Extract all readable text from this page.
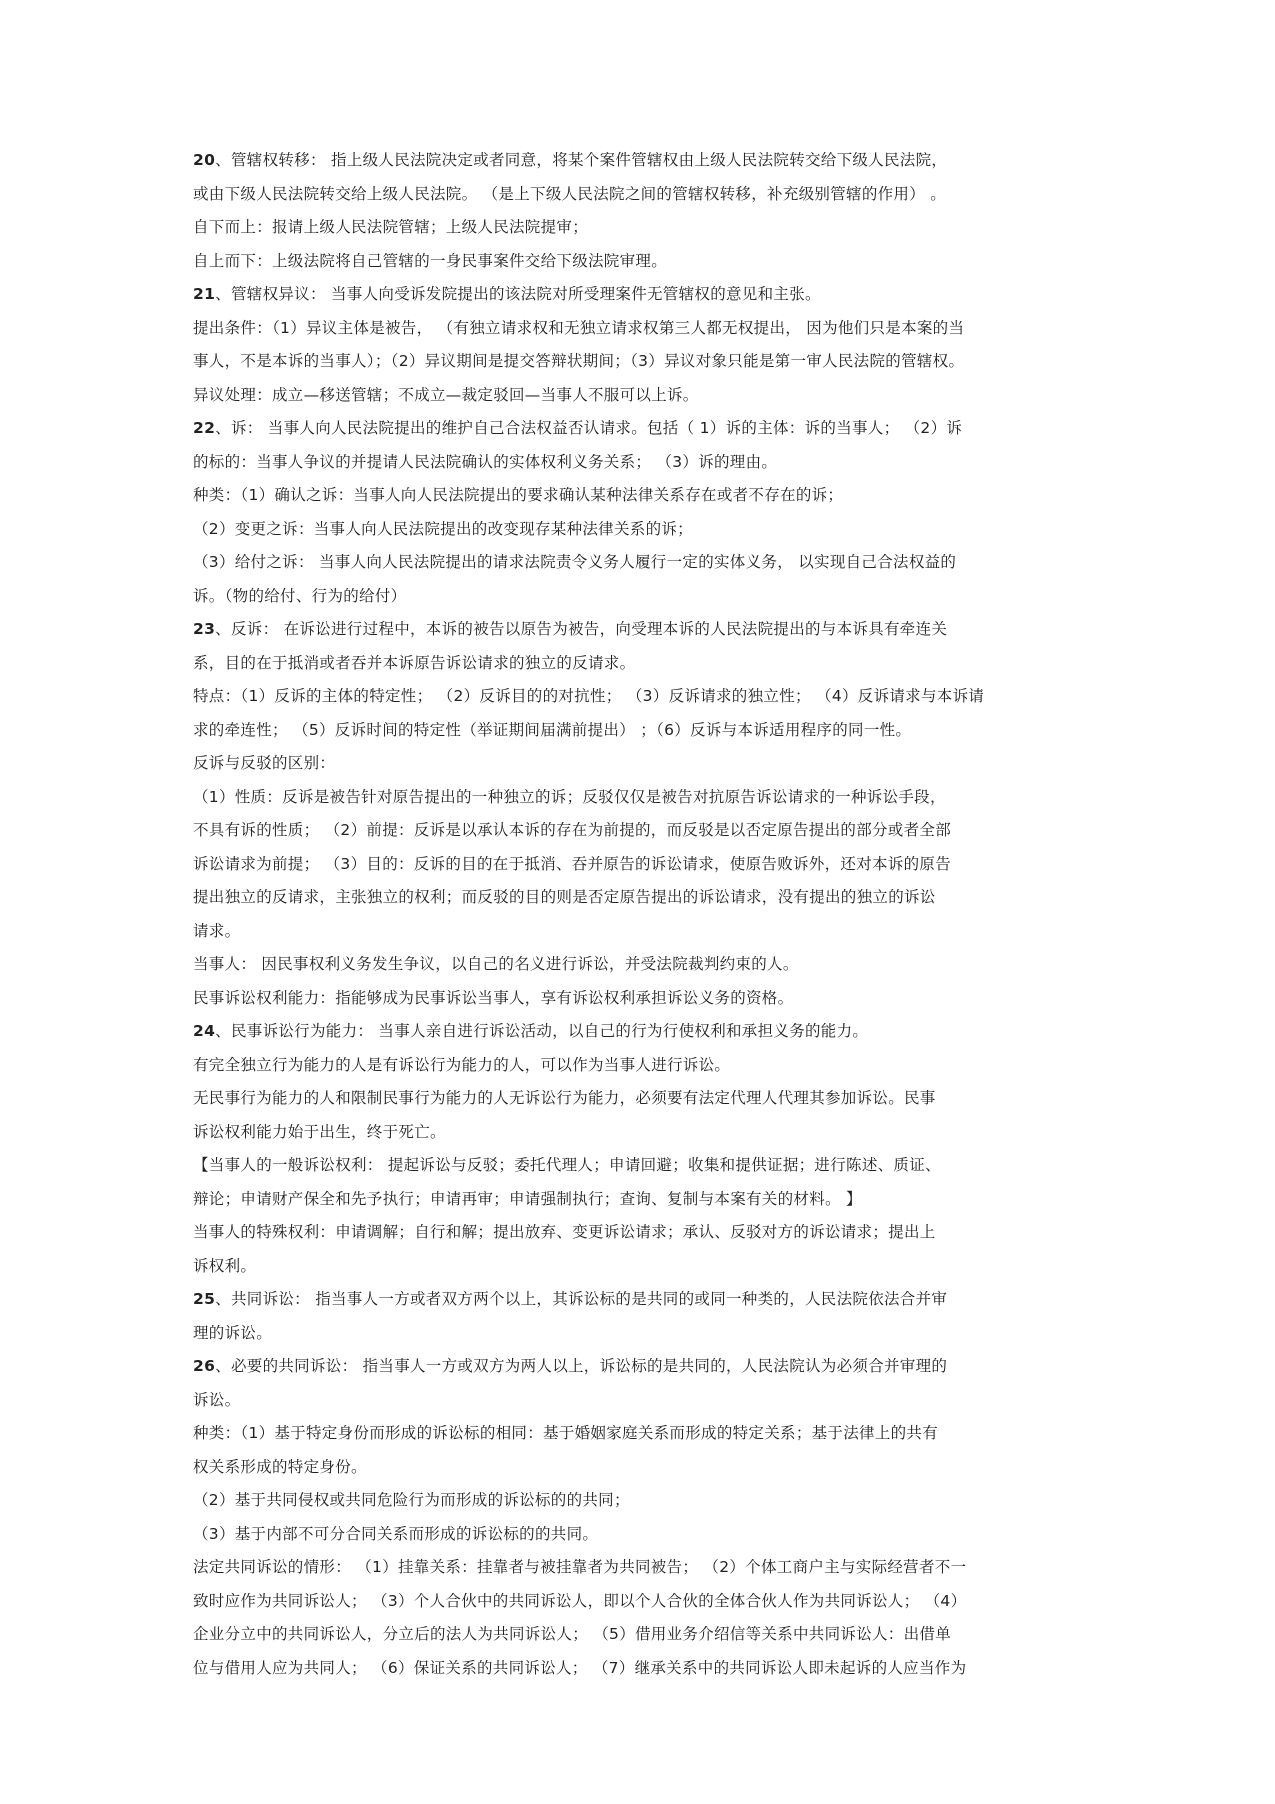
20、管辖权转移： 指上级人民法院决定或者同意，将某个案件管辖权由上级人民法院转交给下级人民法院，
或由下级人民法院转交给上级人民法院。 （是上下级人民法院之间的管辖权转移，补充级别管辖的作用） 。
自下而上：报请上级人民法院管辖；上级人民法院提审；
自上而下：上级法院将自己管辖的一身民事案件交给下级法院审理。
21、管辖权异议： 当事人向受诉发院提出的该法院对所受理案件无管辖权的意见和主张。
提出条件：（1）异议主体是被告， （有独立请求权和无独立请求权第三人都无权提出， 因为他们只是本案的当
事人，不是本诉的当事人）；（2）异议期间是提交答辩状期间；（3）异议对象只能是第一审人民法院的管辖权。
异议处理：成立—移送管辖；不成立—裁定驳回—当事人不服可以上诉。
22、诉： 当事人向人民法院提出的维护自己合法权益否认请求。包括（ 1）诉的主体：诉的当事人； （2）诉
的标的：当事人争议的并提请人民法院确认的实体权利义务关系； （3）诉的理由。
种类：（1）确认之诉：当事人向人民法院提出的要求确认某种法律关系存在或者不存在的诉；
（2）变更之诉：当事人向人民法院提出的改变现存某种法律关系的诉；
（3）给付之诉： 当事人向人民法院提出的请求法院责令义务人履行一定的实体义务， 以实现自己合法权益的
诉。（物的给付、行为的给付）
23、反诉： 在诉讼进行过程中，本诉的被告以原告为被告，向受理本诉的人民法院提出的与本诉具有牵连关
系，目的在于抵消或者吞并本诉原告诉讼请求的独立的反请求。
特点：（1）反诉的主体的特定性； （2）反诉目的的对抗性； （3）反诉请求的独立性； （4）反诉请求与本诉请
求的牵连性； （5）反诉时间的特定性（举证期间届满前提出） ；（6）反诉与本诉适用程序的同一性。
反诉与反驳的区别：
（1）性质：反诉是被告针对原告提出的一种独立的诉；反驳仅仅是被告对抗原告诉讼请求的一种诉讼手段，
不具有诉的性质； （2）前提：反诉是以承认本诉的存在为前提的，而反驳是以否定原告提出的部分或者全部
诉讼请求为前提； （3）目的：反诉的目的在于抵消、吞并原告的诉讼请求，使原告败诉外，还对本诉的原告
提出独立的反请求，主张独立的权利；而反驳的目的则是否定原告提出的诉讼请求，没有提出的独立的诉讼
请求。
当事人： 因民事权利义务发生争议，以自己的名义进行诉讼，并受法院裁判约束的人。
民事诉讼权利能力：指能够成为民事诉讼当事人，享有诉讼权利承担诉讼义务的资格。
24、民事诉讼行为能力： 当事人亲自进行诉讼活动，以自己的行为行使权利和承担义务的能力。
有完全独立行为能力的人是有诉讼行为能力的人，可以作为当事人进行诉讼。
无民事行为能力的人和限制民事行为能力的人无诉讼行为能力，必须要有法定代理人代理其参加诉讼。民事
诉讼权利能力始于出生，终于死亡。
【当事人的一般诉讼权利： 提起诉讼与反驳；委托代理人；申请回避；收集和提供证据；进行陈述、质证、
辩论；申请财产保全和先予执行；申请再审；申请强制执行；查询、复制与本案有关的材料。 】
当事人的特殊权利：申请调解；自行和解；提出放弃、变更诉讼请求；承认、反驳对方的诉讼请求；提出上
诉权利。
25、共同诉讼： 指当事人一方或者双方两个以上，其诉讼标的是共同的或同一种类的，人民法院依法合并审
理的诉讼。
26、必要的共同诉讼： 指当事人一方或双方为两人以上，诉讼标的是共同的，人民法院认为必须合并审理的
诉讼。
种类：（1）基于特定身份而形成的诉讼标的相同：基于婚姻家庭关系而形成的特定关系；基于法律上的共有
权关系形成的特定身份。
（2）基于共同侵权或共同危险行为而形成的诉讼标的的共同；
（3）基于内部不可分合同关系而形成的诉讼标的的共同。
法定共同诉讼的情形： （1）挂靠关系：挂靠者与被挂靠者为共同被告； （2）个体工商户主与实际经营者不一
致时应作为共同诉讼人； （3）个人合伙中的共同诉讼人，即以个人合伙的全体合伙人作为共同诉讼人； （4）
企业分立中的共同诉讼人，分立后的法人为共同诉讼人； （5）借用业务介绍信等关系中共同诉讼人：出借单
位与借用人应为共同人； （6）保证关系的共同诉讼人； （7）继承关系中的共同诉讼人即未起诉的人应当作为
